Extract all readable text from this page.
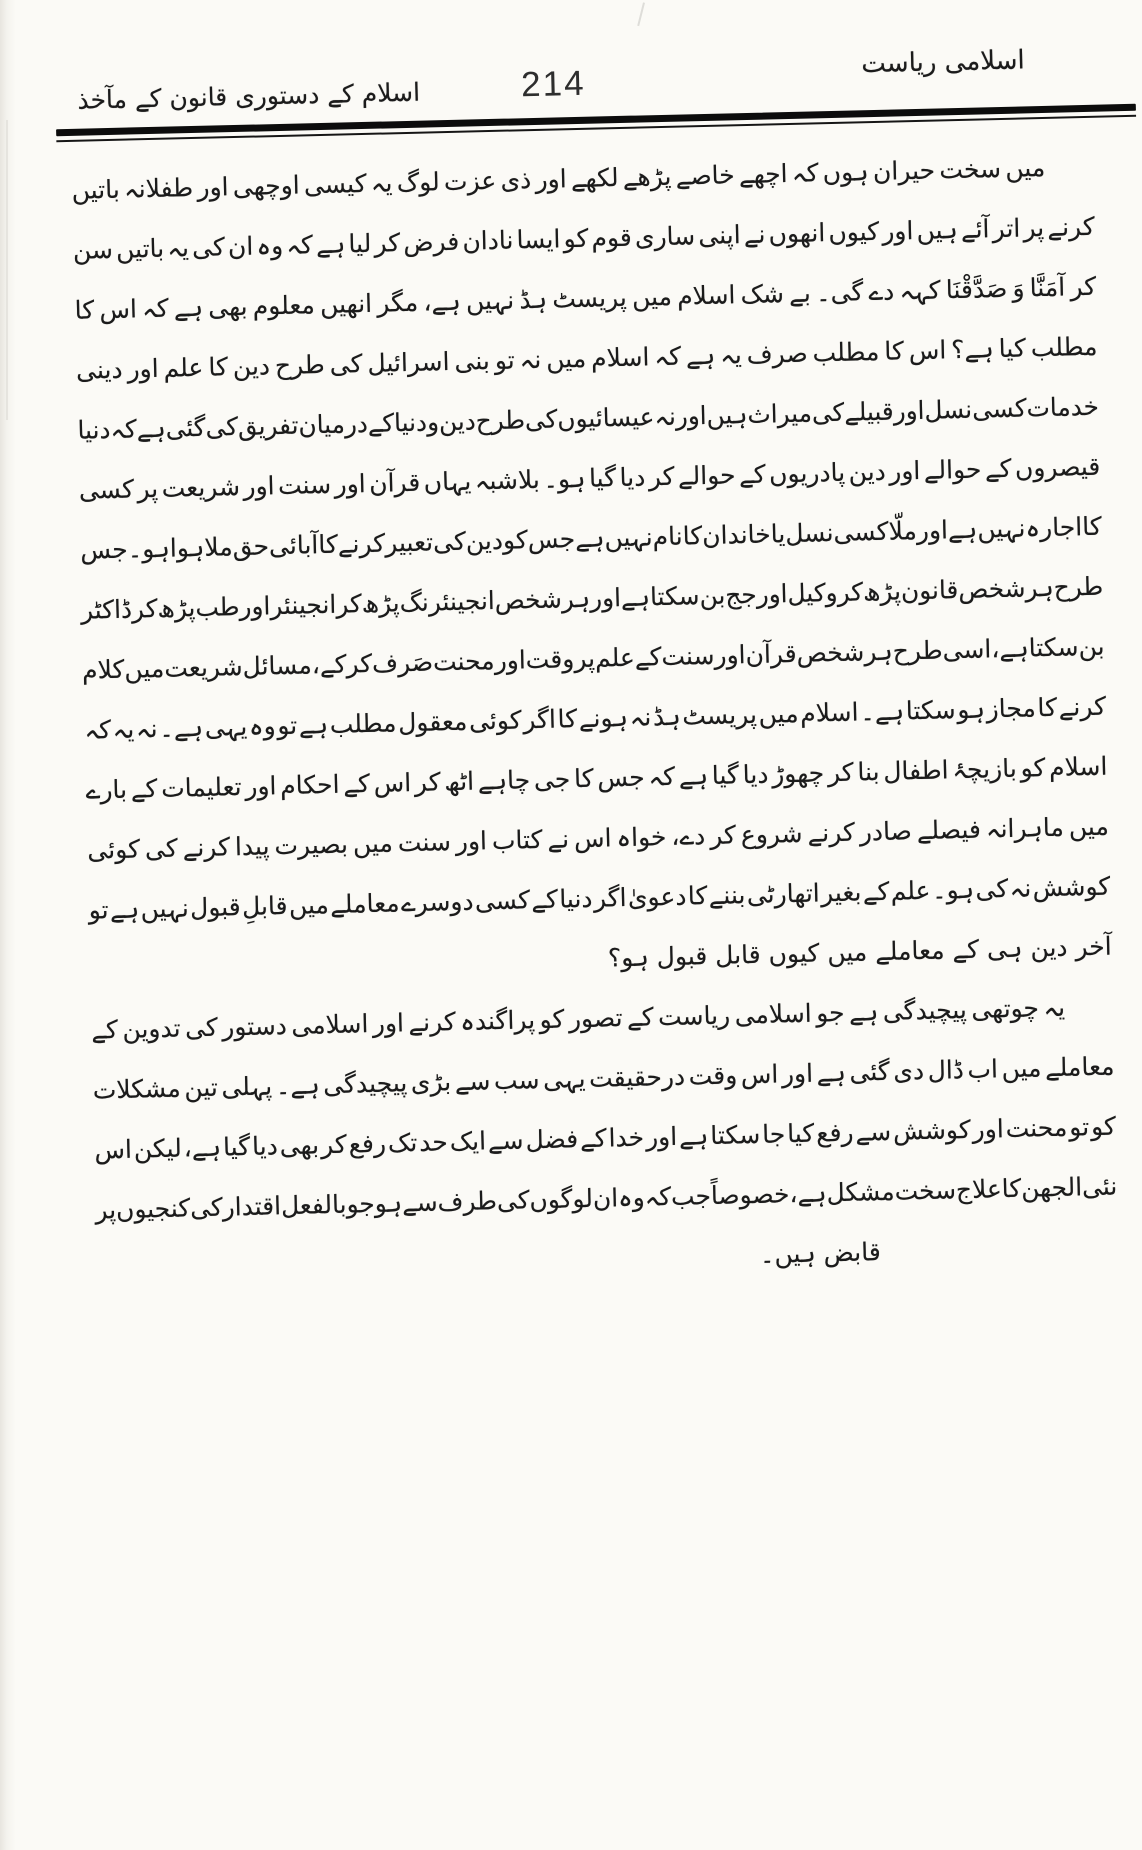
اسلامی ریاست
214
اسلام کے دستوری قانون کے مآخذ
میں
سخت
حیران
ہوں
کہ
اچھے
خاصے
پڑھے
لکھے
اور
ذی
عزت
لوگ
یہ
کیسی
اوچھی
اور
طفلانہ
باتیں
کرنے
پر
اتر
آئے
ہیں
اور
کیوں
انھوں
نے
اپنی
ساری
قوم
کو
ایسا
نادان
فرض
کر
لیا
ہے
کہ
وہ
ان
کی
یہ
باتیں
سن
کر
آمَنَّا
وَ
صَدَّقْنَا
کہہ
دے
گی۔
بے
شک
اسلام
میں
پریسٹ
ہڈ
نہیں
ہے،
مگر
انھیں
معلوم
بھی
ہے
کہ
اس
کا
مطلب
کیا
ہے؟
اس
کا
مطلب
صرف
یہ
ہے
کہ
اسلام
میں
نہ
تو
بنی
اسرائیل
کی
طرح
دین
کا
علم
اور
دینی
خدمات
کسی
نسل
اور
قبیلے
کی
میراث
ہیں
اور
نہ
عیسائیوں
کی
طرح
دین
و
دنیا
کے
درمیان
تفریق
کی
گئی
ہے
کہ
دنیا
قیصروں
کے
حوالے
اور
دین
پادریوں
کے
حوالے
کر
دیا
گیا
ہو۔
بلاشبہ
یہاں
قرآن
اور
سنت
اور
شریعت
پر
کسی
کا
اجارہ
نہیں
ہے
اور
ملّا
کسی
نسل
یا
خاندان
کا
نام
نہیں
ہے
جس
کو
دین
کی
تعبیر
کرنے
کا
آبائی
حق
ملا
ہوا
ہو۔
جس
طرح
ہر
شخص
قانون
پڑھ
کر
وکیل
اور
جج
بن
سکتا
ہے
اور
ہر
شخص
انجینئرنگ
پڑھ
کر
انجینئر
اور
طب
پڑھ
کر
ڈاکٹر
بن
سکتا
ہے،
اسی
طرح
ہر
شخص
قرآن
اور
سنت
کے
علم
پر
وقت
اور
محنت
صَرف
کر
کے،
مسائل
شریعت
میں
کلام
کرنے
کا
مجاز
ہو
سکتا
ہے۔
اسلام
میں
پریسٹ
ہڈ
نہ
ہونے
کا
اگر
کوئی
معقول
مطلب
ہے
تو
وہ
یہی
ہے۔
نہ
یہ
کہ
اسلام
کو
بازیچۂ
اطفال
بنا
کر
چھوڑ
دیا
گیا
ہے
کہ
جس
کا
جی
چاہے
اٹھ
کر
اس
کے
احکام
اور
تعلیمات
کے
بارے
میں
ماہرانہ
فیصلے
صادر
کرنے
شروع
کر
دے،
خواہ
اس
نے
کتاب
اور
سنت
میں
بصیرت
پیدا
کرنے
کی
کوئی
کوشش
نہ
کی
ہو۔
علم
کے
بغیر
اتھارٹی
بننے
کا
دعویٰ
اگر
دنیا
کے
کسی
دوسرے
معاملے
میں
قابلِ
قبول
نہیں
ہے
تو
آخر دین ہی کے معاملے میں کیوں قابل قبول ہو؟
یہ
چوتھی
پیچیدگی
ہے
جو
اسلامی
ریاست
کے
تصور
کو
پراگندہ
کرنے
اور
اسلامی
دستور
کی
تدوین
کے
معاملے
میں
اب
ڈال
دی
گئی
ہے
اور
اس
وقت
درحقیقت
یہی
سب
سے
بڑی
پیچیدگی
ہے۔
پہلی
تین
مشکلات
کو
تو
محنت
اور
کوشش
سے
رفع
کیا
جا
سکتا
ہے
اور
خدا
کے
فضل
سے
ایک
حد
تک
رفع
کر
بھی
دیا
گیا
ہے،
لیکن
اس
نئی
الجھن
کا
علاج
سخت
مشکل
ہے،
خصوصاً
جب
کہ
وہ
ان
لوگوں
کی
طرف
سے
ہو
جو
بالفعل
اقتدار
کی
کنجیوں
پر
قابض ہیں۔
